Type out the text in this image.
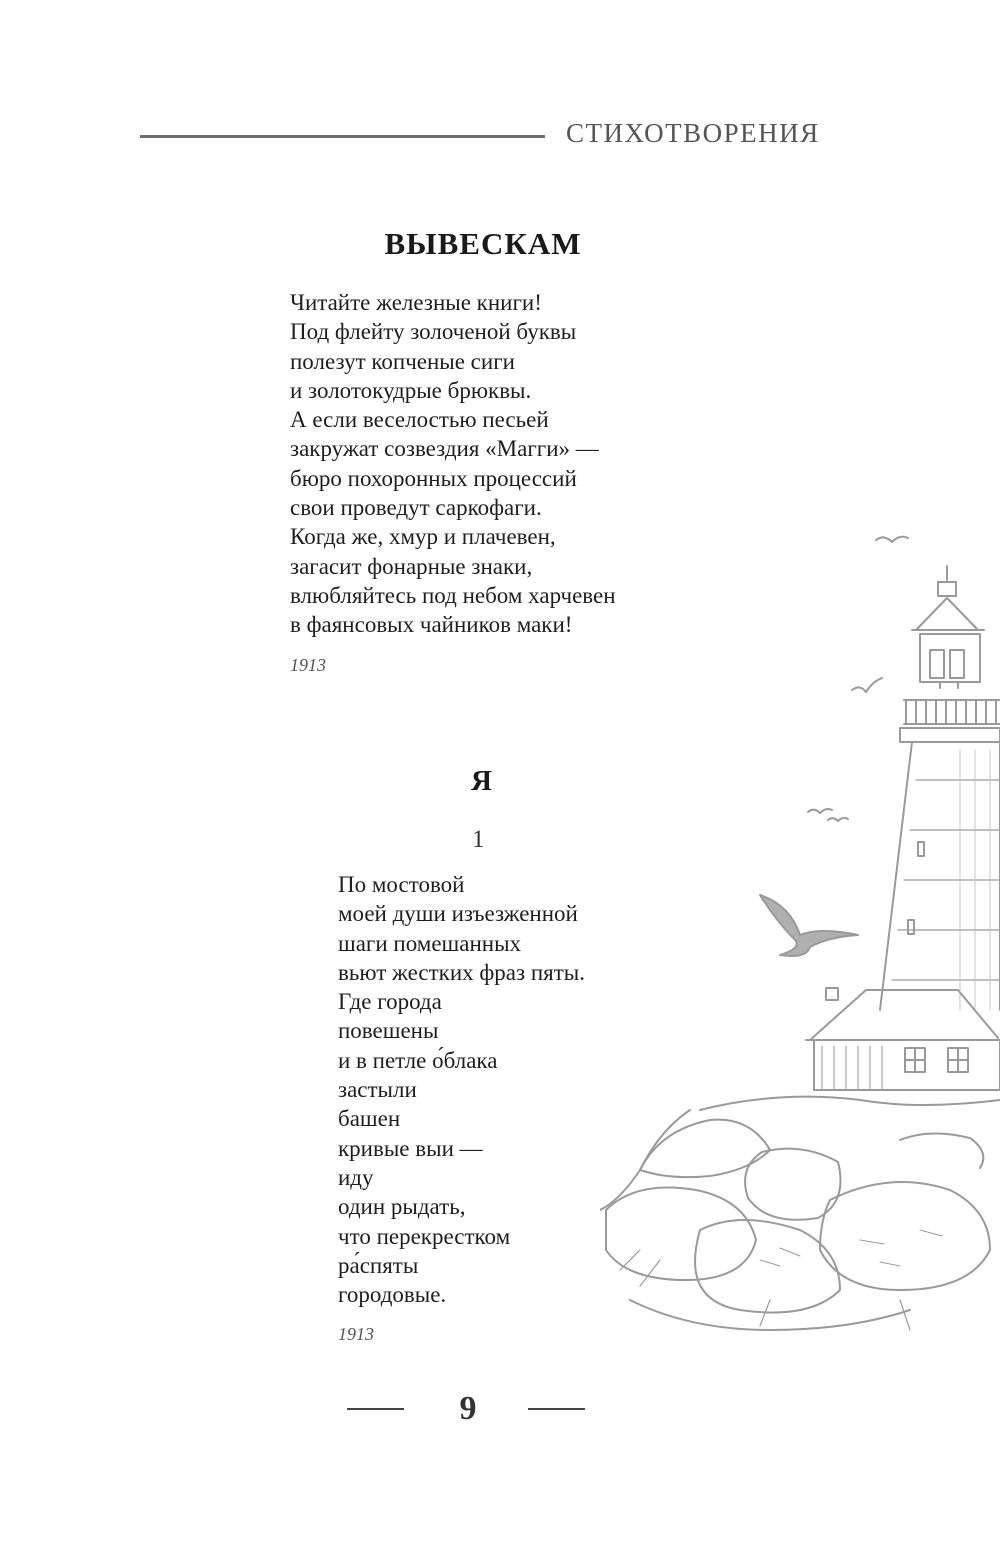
СТИХОТВОРЕНИЯ
ВЫВЕСКАМ
Читайте железные книги!
Под флейту золоченой буквы
полезут копченые сиги
и золотокудрые брюквы.
А если веселостью песьей
закружат созвездия «Магги» —
бюро похоронных процессий
свои проведут саркофаги.
Когда же, хмур и плачевен,
загасит фонарные знаки,
влюбляйтесь под небом харчевен
в фаянсовых чайников маки!
1913
Я
1
По мостовой
моей души изъезженной
шаги помешанных
вьют жестких фраз пяты.
Где города
повешены
и в петле о́блака
застыли
башен
кривые выи —
иду
один рыдать,
что перекрестком
ра́спяты
городовые.
1913
9
